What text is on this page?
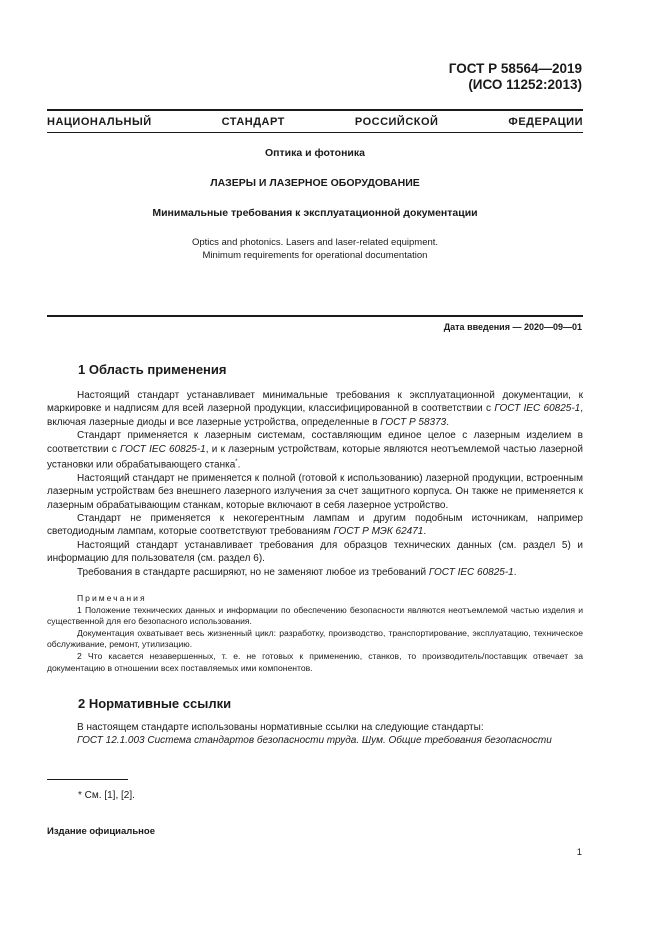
ГОСТ Р 58564—2019
(ИСО 11252:2013)
НАЦИОНАЛЬНЫЙ СТАНДАРТ РОССИЙСКОЙ ФЕДЕРАЦИИ
Оптика и фотоника
ЛАЗЕРЫ И ЛАЗЕРНОЕ ОБОРУДОВАНИЕ
Минимальные требования к эксплуатационной документации
Optics and photonics. Lasers and laser-related equipment.
Minimum requirements for operational documentation
Дата введения — 2020—09—01
1 Область применения

Настоящий стандарт устанавливает минимальные требования к эксплуатационной документации, к маркировке и надписям для всей лазерной продукции, классифицированной в соответствии с ГОСТ IEC 60825-1, включая лазерные диоды и все лазерные устройства, определенные в ГОСТ Р 58373.

Стандарт применяется к лазерным системам, составляющим единое целое с лазерным изделием в соответствии с ГОСТ IEC 60825-1, и к лазерным устройствам, которые являются неотъемлемой частью лазерной установки или обрабатывающего станка*.

Настоящий стандарт не применяется к полной (готовой к использованию) лазерной продукции, встроенным лазерным устройствам без внешнего лазерного излучения за счет защитного корпуса. Он также не применяется к лазерным обрабатывающим станкам, которые включают в себя лазерное устройство.

Стандарт не применяется к некогерентным лампам и другим подобным источникам, например светодиодным лампам, которые соответствуют требованиям ГОСТ Р МЭК 62471.

Настоящий стандарт устанавливает требования для образцов технических данных (см. раздел 5) и информацию для пользователя (см. раздел 6).

Требования в стандарте расширяют, но не заменяют любое из требований ГОСТ IEC 60825-1.

Примечания

1 Положение технических данных и информации по обеспечению безопасности являются неотъемлемой частью изделия и существенной для его безопасного использования.

Документация охватывает весь жизненный цикл: разработку, производство, транспортирование, эксплуатацию, техническое обслуживание, ремонт, утилизацию.

2 Что касается незавершенных, т. е. не готовых к применению, станков, то производитель/поставщик отвечает за документацию в отношении всех поставляемых ими компонентов.

2 Нормативные ссылки

В настоящем стандарте использованы нормативные ссылки на следующие стандарты:

ГОСТ 12.1.003 Система стандартов безопасности труда. Шум. Общие требования безопасности

* См. [1], [2].
Издание официальное
1
